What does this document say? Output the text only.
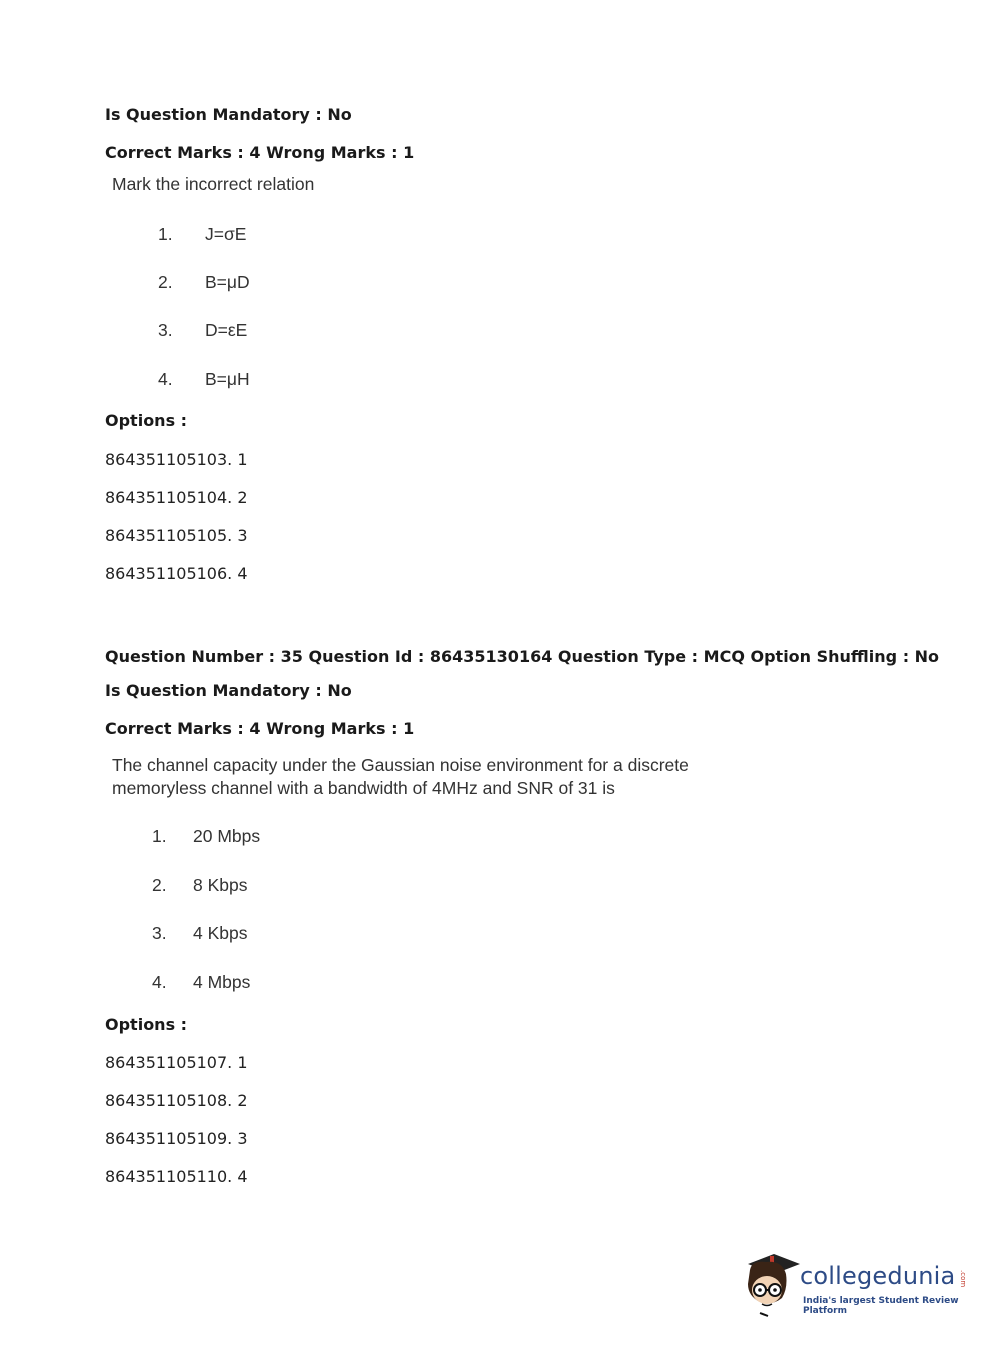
Is Question Mandatory : No
Correct Marks : 4 Wrong Marks : 1
Mark the incorrect relation
1. J=σE
2. B=μD
3. D=εE
4. B=μH
Options :
864351105103. 1
864351105104. 2
864351105105. 3
864351105106. 4
Question Number : 35 Question Id : 86435130164 Question Type : MCQ Option Shuffling : No
Is Question Mandatory : No
Correct Marks : 4 Wrong Marks : 1
The channel capacity under the Gaussian noise environment for a discrete
memoryless channel with a bandwidth of 4MHz and SNR of 31 is
1. 20 Mbps
2. 8 Kbps
3. 4 Kbps
4. 4 Mbps
Options :
864351105107. 1
864351105108. 2
864351105109. 3
864351105110. 4
collegedunia .com
India's largest Student Review Platform
